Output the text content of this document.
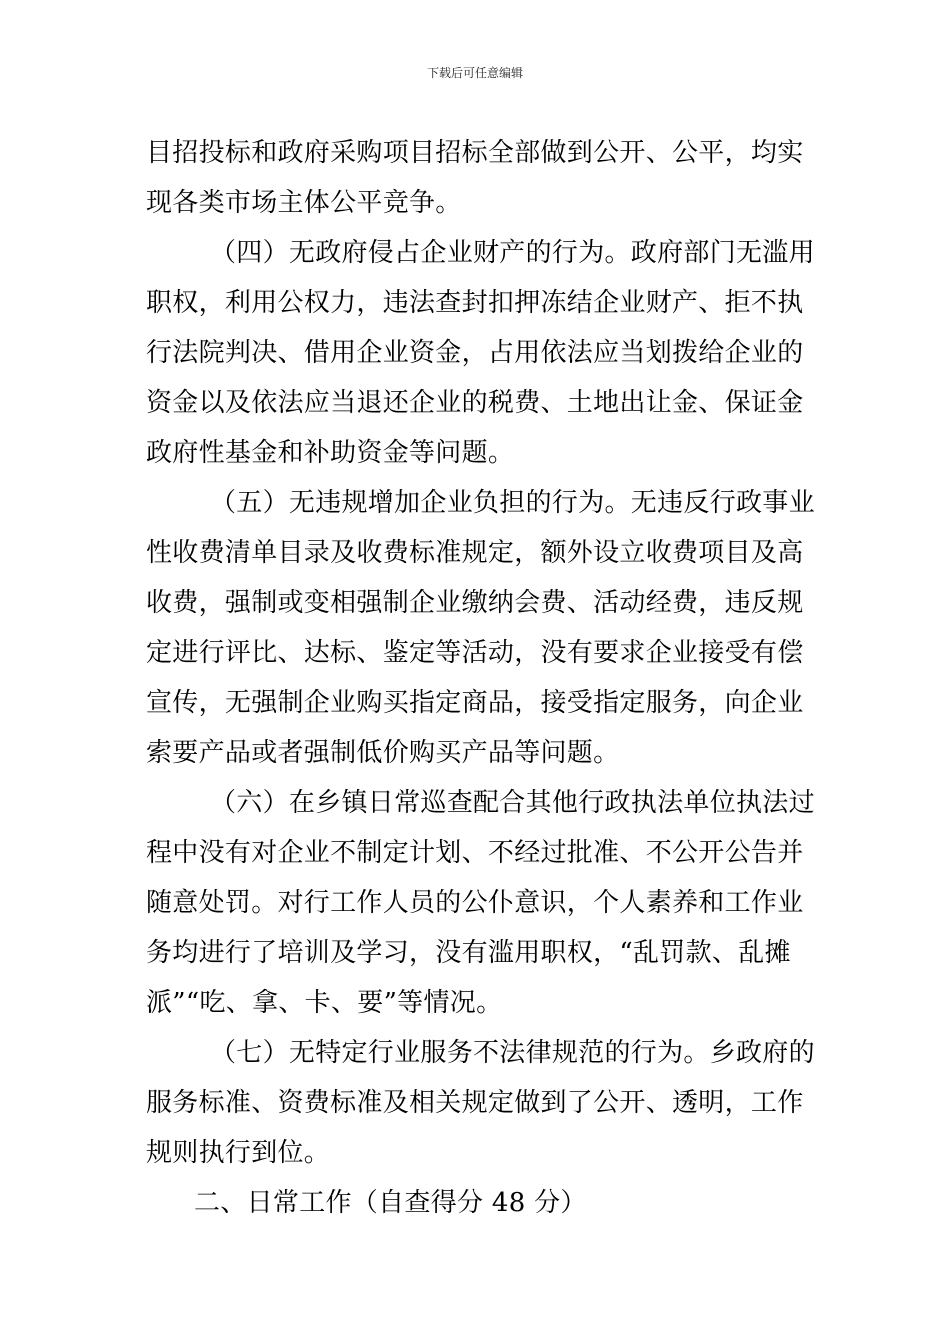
下载后可任意编辑
目招投标和政府采购项目招标全部做到公开、公平，均实
现各类市场主体公平竞争。
（四）无政府侵占企业财产的行为。政府部门无滥用
职权，利用公权力，违法查封扣押冻结企业财产、拒不执
行法院判决、借用企业资金，占用依法应当划拨给企业的
资金以及依法应当退还企业的税费、土地出让金、保证金
政府性基金和补助资金等问题。
（五）无违规增加企业负担的行为。无违反行政事业
性收费清单目录及收费标准规定，额外设立收费项目及高
收费，强制或变相强制企业缴纳会费、活动经费，违反规
定进行评比、达标、鉴定等活动，没有要求企业接受有偿
宣传，无强制企业购买指定商品，接受指定服务，向企业
索要产品或者强制低价购买产品等问题。
（六）在乡镇日常巡查配合其他行政执法单位执法过
程中没有对企业不制定计划、不经过批准、不公开公告并
随意处罚。对行工作人员的公仆意识，个人素养和工作业
务均进行了培训及学习，没有滥用职权，“乱罚款、乱摊
派”“吃、拿、卡、要”等情况。
（七）无特定行业服务不法律规范的行为。乡政府的
服务标准、资费标准及相关规定做到了公开、透明，工作
规则执行到位。
二、日常工作（自查得分 48 分）
